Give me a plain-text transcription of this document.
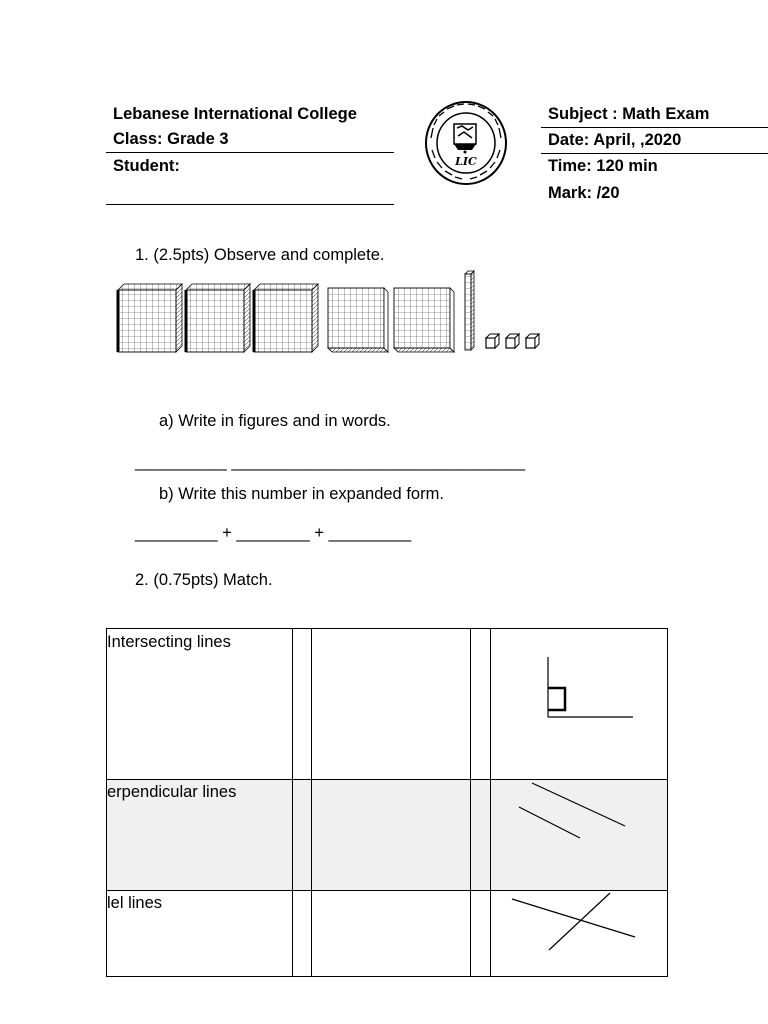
Lebanese International College
Class: Grade 3
Student:	LIC
Subject : Math Exam
Date: April, ,2020
Time: 120 min
Mark: /20
1. (2.5pts) Observe and complete.
a) Write in figures and in words.
__________ ________________________________
b) Write this number in expanded form.
_________ + ________ + _________
2. (0.75pts) Match.
Intersecting lines
erpendicular lines
lel lines
